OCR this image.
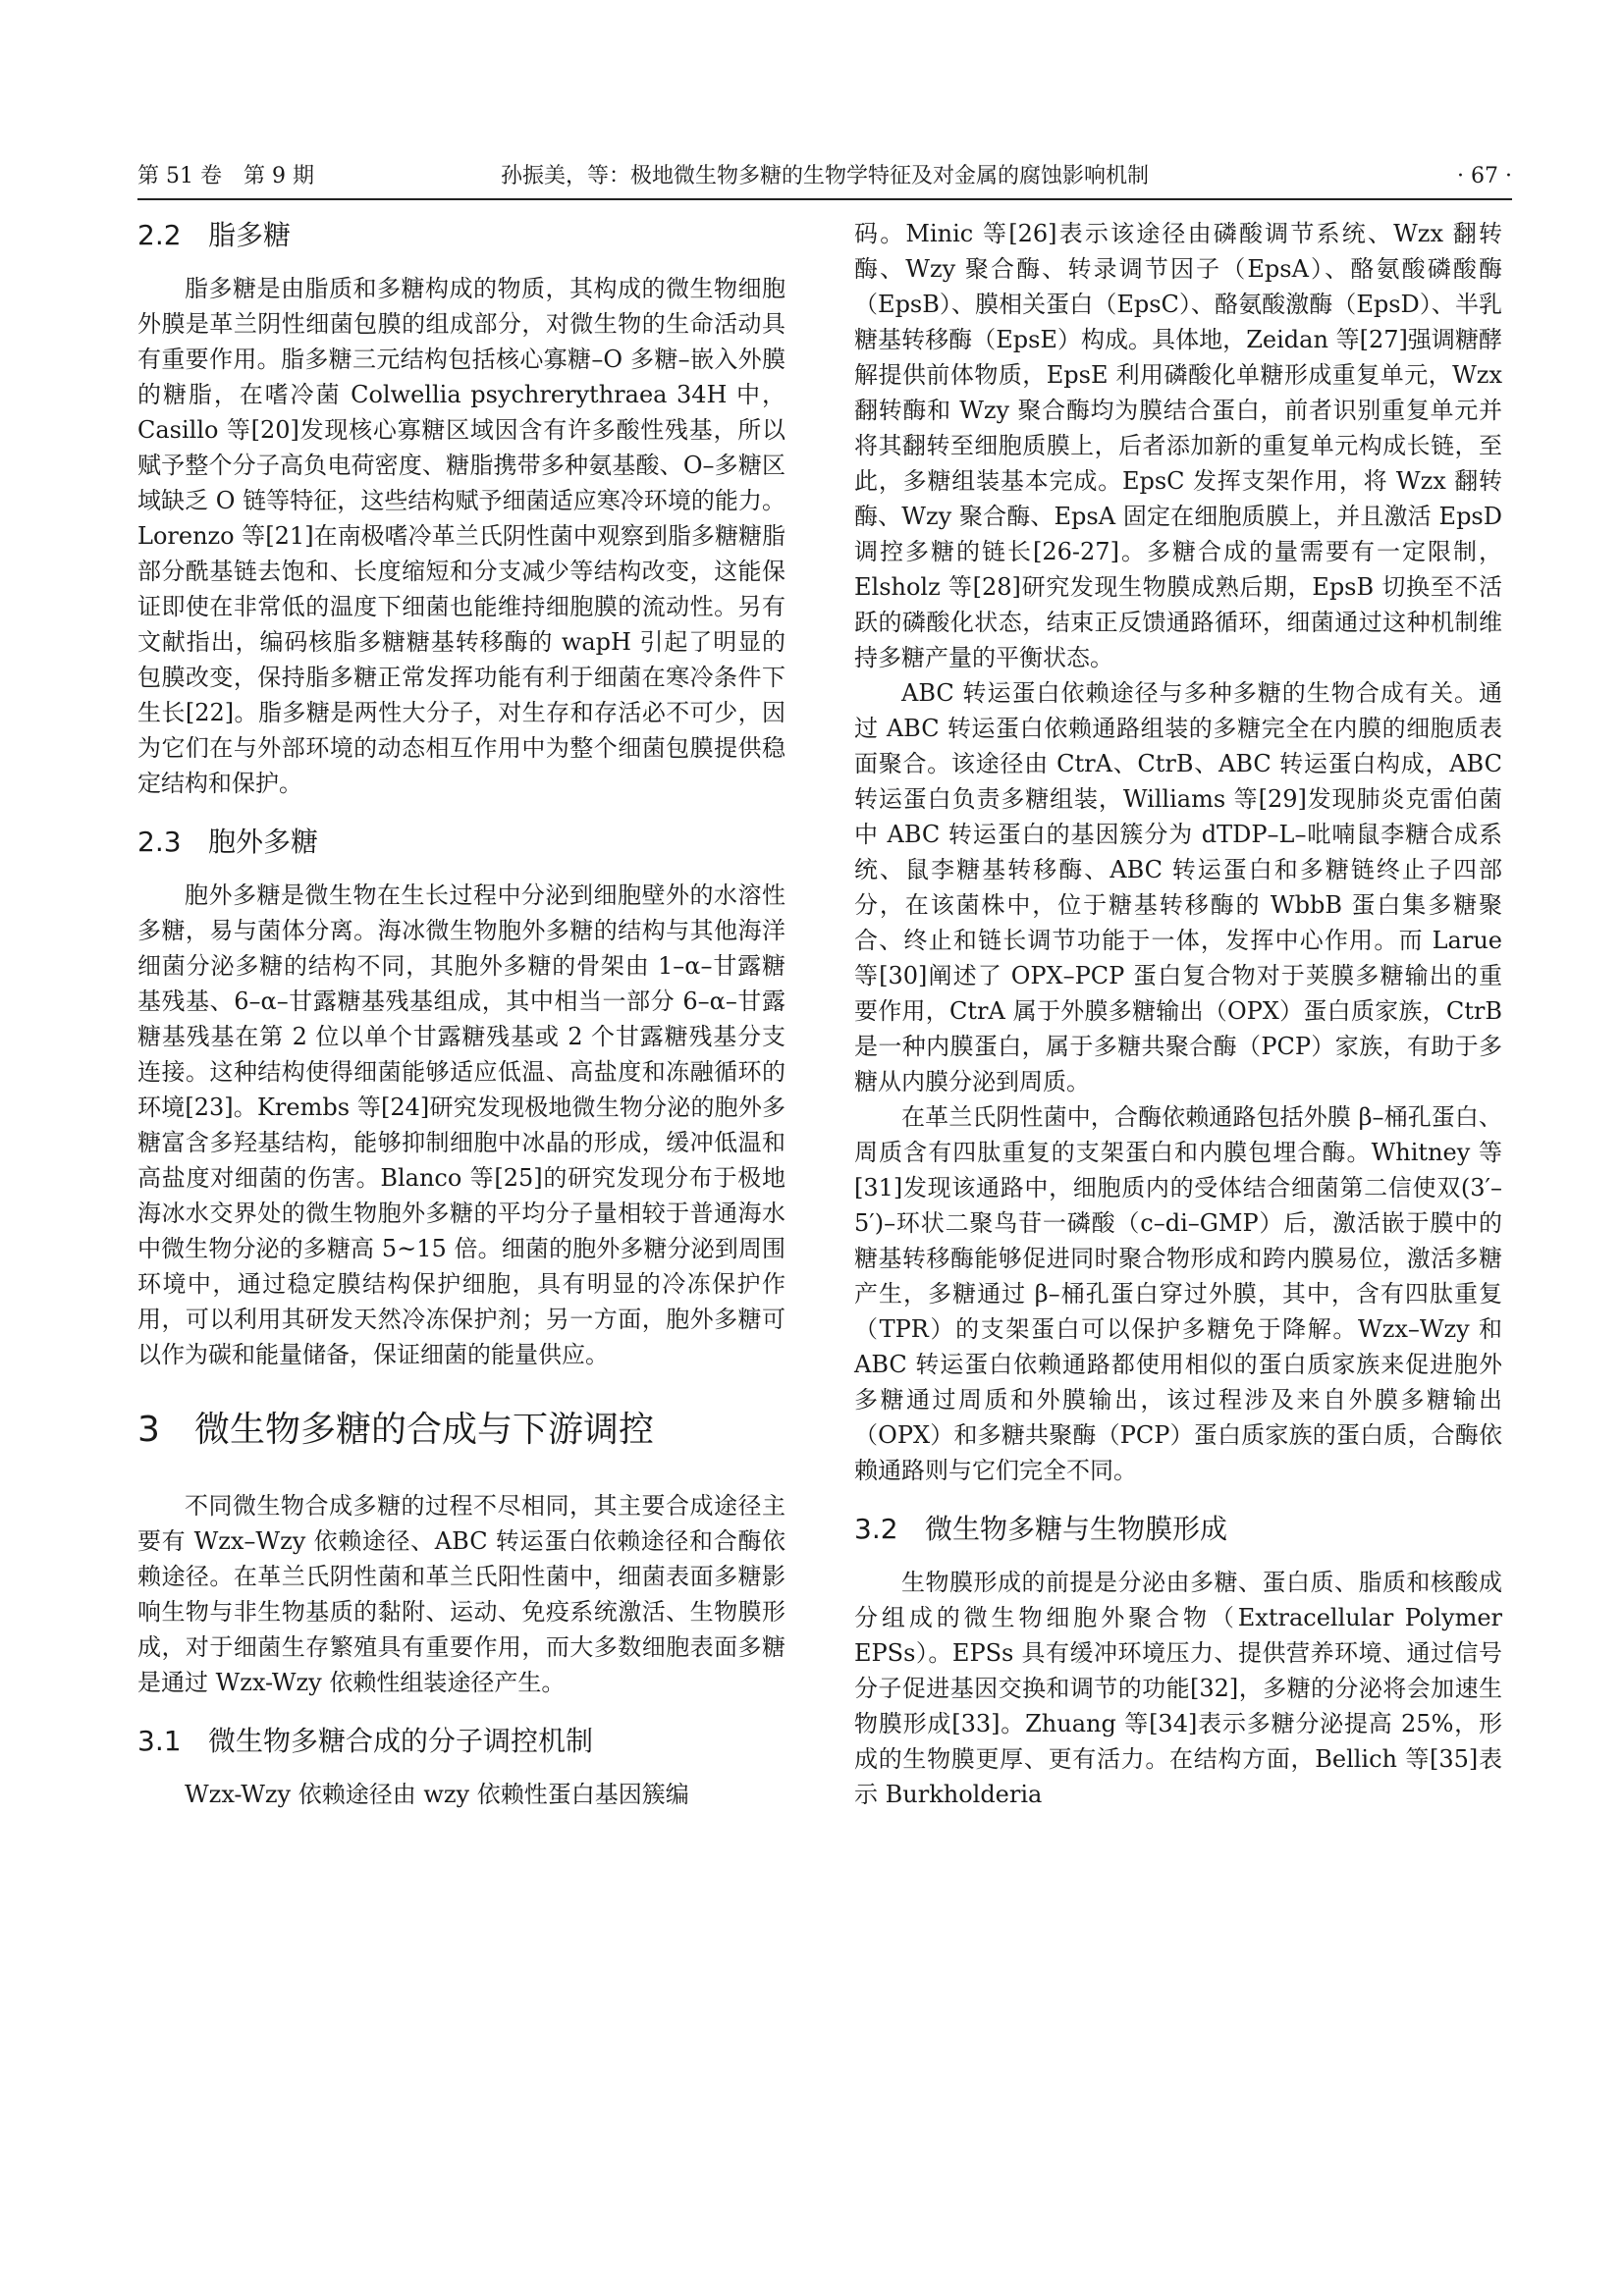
第 51 卷　第 9 期	孙振美，等：极地微生物多糖的生物学特征及对金属的腐蚀影响机制	· 67 ·
2.2 脂多糖

脂多糖是由脂质和多糖构成的物质，其构成的微生物细胞外膜是革兰阴性细菌包膜的组成部分，对微生物的生命活动具有重要作用。脂多糖三元结构包括核心寡糖–O 多糖–嵌入外膜的糖脂，在嗜冷菌 Colwellia psychrerythraea 34H 中，Casillo 等[20]发现核心寡糖区域因含有许多酸性残基，所以赋予整个分子高负电荷密度、糖脂携带多种氨基酸、O–多糖区域缺乏 O 链等特征，这些结构赋予细菌适应寒冷环境的能力。Lorenzo 等[21]在南极嗜冷革兰氏阴性菌中观察到脂多糖糖脂部分酰基链去饱和、长度缩短和分支减少等结构改变，这能保证即使在非常低的温度下细菌也能维持细胞膜的流动性。另有文献指出，编码核脂多糖糖基转移酶的 wapH 引起了明显的包膜改变，保持脂多糖正常发挥功能有利于细菌在寒冷条件下生长[22]。脂多糖是两性大分子，对生存和存活必不可少，因为它们在与外部环境的动态相互作用中为整个细菌包膜提供稳定结构和保护。

2.3 胞外多糖

胞外多糖是微生物在生长过程中分泌到细胞壁外的水溶性多糖，易与菌体分离。海冰微生物胞外多糖的结构与其他海洋细菌分泌多糖的结构不同，其胞外多糖的骨架由 1–α–甘露糖基残基、6–α–甘露糖基残基组成，其中相当一部分 6–α–甘露糖基残基在第 2 位以单个甘露糖残基或 2 个甘露糖残基分支连接。这种结构使得细菌能够适应低温、高盐度和冻融循环的环境[23]。Krembs 等[24]研究发现极地微生物分泌的胞外多糖富含多羟基结构，能够抑制细胞中冰晶的形成，缓冲低温和高盐度对细菌的伤害。Blanco 等[25]的研究发现分布于极地海冰水交界处的微生物胞外多糖的平均分子量相较于普通海水中微生物分泌的多糖高 5~15 倍。细菌的胞外多糖分泌到周围环境中，通过稳定膜结构保护细胞，具有明显的冷冻保护作用，可以利用其研发天然冷冻保护剂；另一方面，胞外多糖可以作为碳和能量储备，保证细菌的能量供应。

3 微生物多糖的合成与下游调控

不同微生物合成多糖的过程不尽相同，其主要合成途径主要有 Wzx–Wzy 依赖途径、ABC 转运蛋白依赖途径和合酶依赖途径。在革兰氏阴性菌和革兰氏阳性菌中，细菌表面多糖影响生物与非生物基质的黏附、运动、免疫系统激活、生物膜形成，对于细菌生存繁殖具有重要作用，而大多数细胞表面多糖是通过 Wzx-Wzy 依赖性组装途径产生。

3.1 微生物多糖合成的分子调控机制

Wzx-Wzy 依赖途径由 wzy 依赖性蛋白基因簇编

码。Minic 等[26]表示该途径由磷酸调节系统、Wzx 翻转酶、Wzy 聚合酶、转录调节因子（EpsA）、酪氨酸磷酸酶（EpsB）、膜相关蛋白（EpsC）、酪氨酸激酶（EpsD）、半乳糖基转移酶（EpsE）构成。具体地，Zeidan 等[27]强调糖酵解提供前体物质，EpsE 利用磷酸化单糖形成重复单元，Wzx 翻转酶和 Wzy 聚合酶均为膜结合蛋白，前者识别重复单元并将其翻转至细胞质膜上，后者添加新的重复单元构成长链，至此，多糖组装基本完成。EpsC 发挥支架作用，将 Wzx 翻转酶、Wzy 聚合酶、EpsA 固定在细胞质膜上，并且激活 EpsD 调控多糖的链长[26-27]。多糖合成的量需要有一定限制，Elsholz 等[28]研究发现生物膜成熟后期，EpsB 切换至不活跃的磷酸化状态，结束正反馈通路循环，细菌通过这种机制维持多糖产量的平衡状态。

ABC 转运蛋白依赖途径与多种多糖的生物合成有关。通过 ABC 转运蛋白依赖通路组装的多糖完全在内膜的细胞质表面聚合。该途径由 CtrA、CtrB、ABC 转运蛋白构成，ABC 转运蛋白负责多糖组装，Williams 等[29]发现肺炎克雷伯菌中 ABC 转运蛋白的基因簇分为 dTDP–L–吡喃鼠李糖合成系统、鼠李糖基转移酶、ABC 转运蛋白和多糖链终止子四部分，在该菌株中，位于糖基转移酶的 WbbB 蛋白集多糖聚合、终止和链长调节功能于一体，发挥中心作用。而 Larue 等[30]阐述了 OPX–PCP 蛋白复合物对于荚膜多糖输出的重要作用，CtrA 属于外膜多糖输出（OPX）蛋白质家族，CtrB 是一种内膜蛋白，属于多糖共聚合酶（PCP）家族，有助于多糖从内膜分泌到周质。

在革兰氏阴性菌中，合酶依赖通路包括外膜 β–桶孔蛋白、周质含有四肽重复的支架蛋白和内膜包埋合酶。Whitney 等[31]发现该通路中，细胞质内的受体结合细菌第二信使双(3′–5′)–环状二聚鸟苷一磷酸（c–di–GMP）后，激活嵌于膜中的糖基转移酶能够促进同时聚合物形成和跨内膜易位，激活多糖产生，多糖通过 β–桶孔蛋白穿过外膜，其中，含有四肽重复（TPR）的支架蛋白可以保护多糖免于降解。Wzx–Wzy 和 ABC 转运蛋白依赖通路都使用相似的蛋白质家族来促进胞外多糖通过周质和外膜输出，该过程涉及来自外膜多糖输出（OPX）和多糖共聚酶（PCP）蛋白质家族的蛋白质，合酶依赖通路则与它们完全不同。

3.2 微生物多糖与生物膜形成

生物膜形成的前提是分泌由多糖、蛋白质、脂质和核酸成分组成的微生物细胞外聚合物（Extracellular Polymer EPSs）。EPSs 具有缓冲环境压力、提供营养环境、通过信号分子促进基因交换和调节的功能[32]，多糖的分泌将会加速生物膜形成[33]。Zhuang 等[34]表示多糖分泌提高 25%，形成的生物膜更厚、更有活力。在结构方面，Bellich 等[35]表示 Burkholderia
